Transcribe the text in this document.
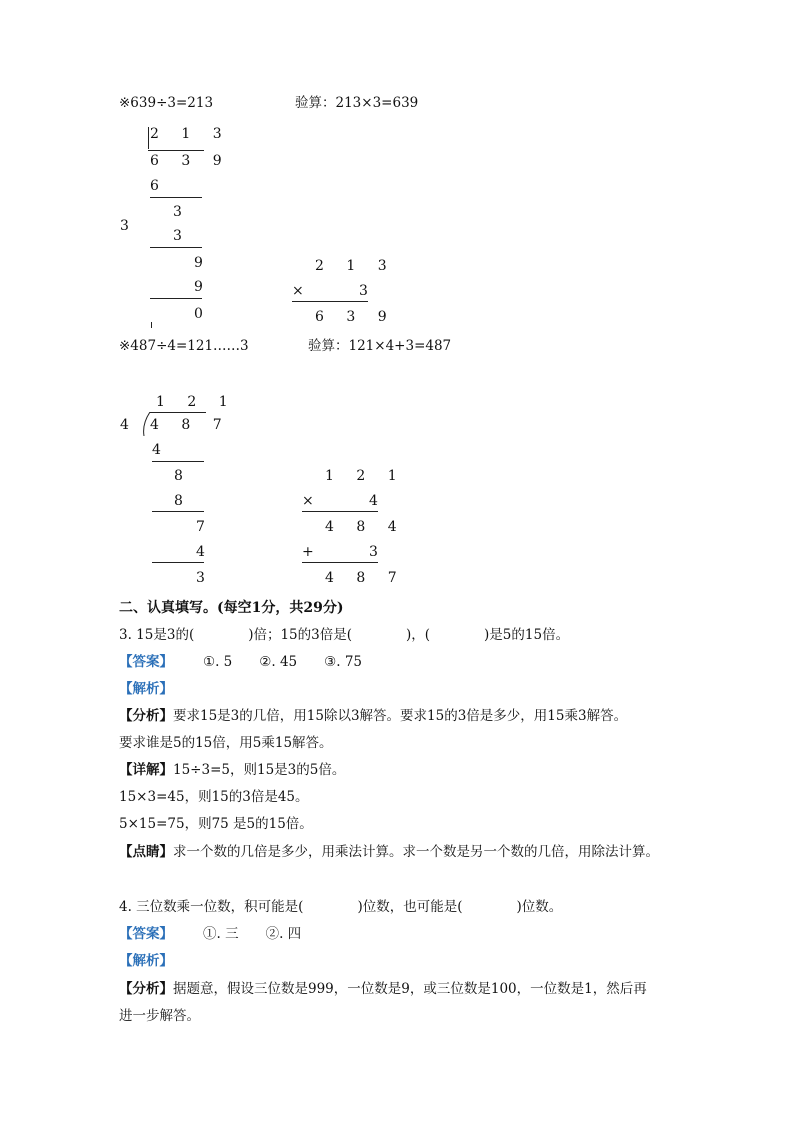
※639÷3=213	验算：213×3=639
2 1 3
6 3 9
3
6
3
3
9
9
0
2 1 3
×	3
6 3 9
※487÷4=121……3	验算：121×4+3=487
1 2 1
4 8 7
4
4
8
8
7
4
3
1 2 1
×	4
4 8 4
+	3
4 8 7
二、认真填写。(每空1分，共29分)
3. 15是3的(　　　　)倍；15的3倍是(　　　　)，(　　　　)是5的15倍。
【答案】 ①. 5　　②. 45　　③. 75
【解析】
【分析】要求15是3的几倍，用15除以3解答。要求15的3倍是多少，用15乘3解答。
要求谁是5的15倍，用5乘15解答。
【详解】15÷3=5，则15是3的5倍。
15×3=45，则15的3倍是45。
5×15=75，则75 是5的15倍。
【点睛】求一个数的几倍是多少，用乘法计算。求一个数是另一个数的几倍，用除法计算。
4. 三位数乘一位数，积可能是(　　　　)位数，也可能是(　　　　)位数。
【答案】 ①. 三　　②. 四
【解析】
【分析】据题意，假设三位数是999，一位数是9，或三位数是100，一位数是1，然后再
进一步解答。
